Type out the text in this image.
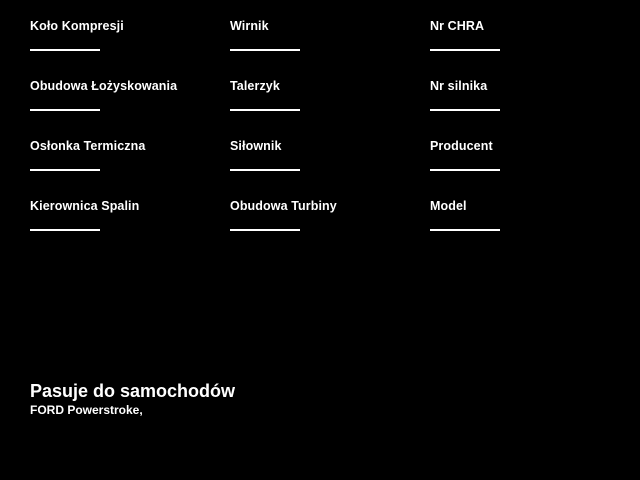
Koło Kompresji	Wirnik	Nr CHRA
Obudowa Łożyskowania	Talerzyk	Nr silnika
Osłonka Termiczna	Siłownik	Producent
Kierownica Spalin	Obudowa Turbiny	Model
Pasuje do samochodów

FORD Powerstroke,
